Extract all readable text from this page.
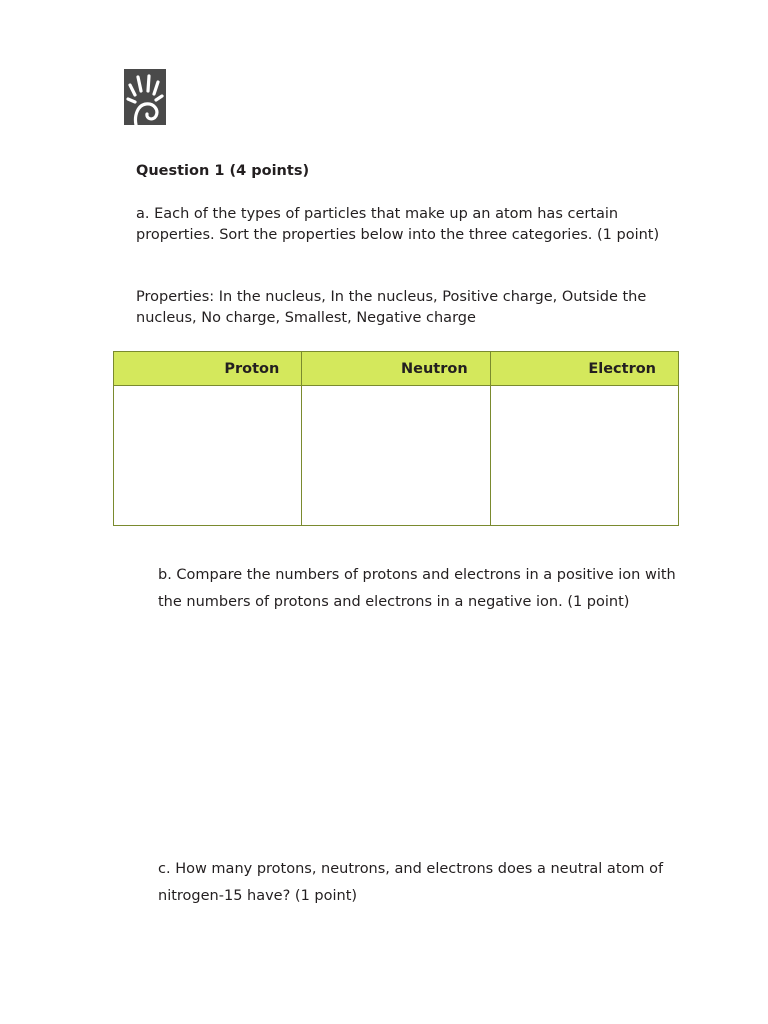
Question 1 (4 points)

a. Each of the types of particles that make up an atom has certain properties. Sort the properties below into the three categories. (1 point)

Properties: In the nucleus, In the nucleus, Positive charge, Outside the nucleus, No charge, Smallest, Negative charge

Proton	Neutron	Electron

b. Compare the numbers of protons and electrons in a positive ion with the numbers of protons and electrons in a negative ion. (1 point)

c. How many protons, neutrons, and electrons does a neutral atom of nitrogen-15 have? (1 point)
